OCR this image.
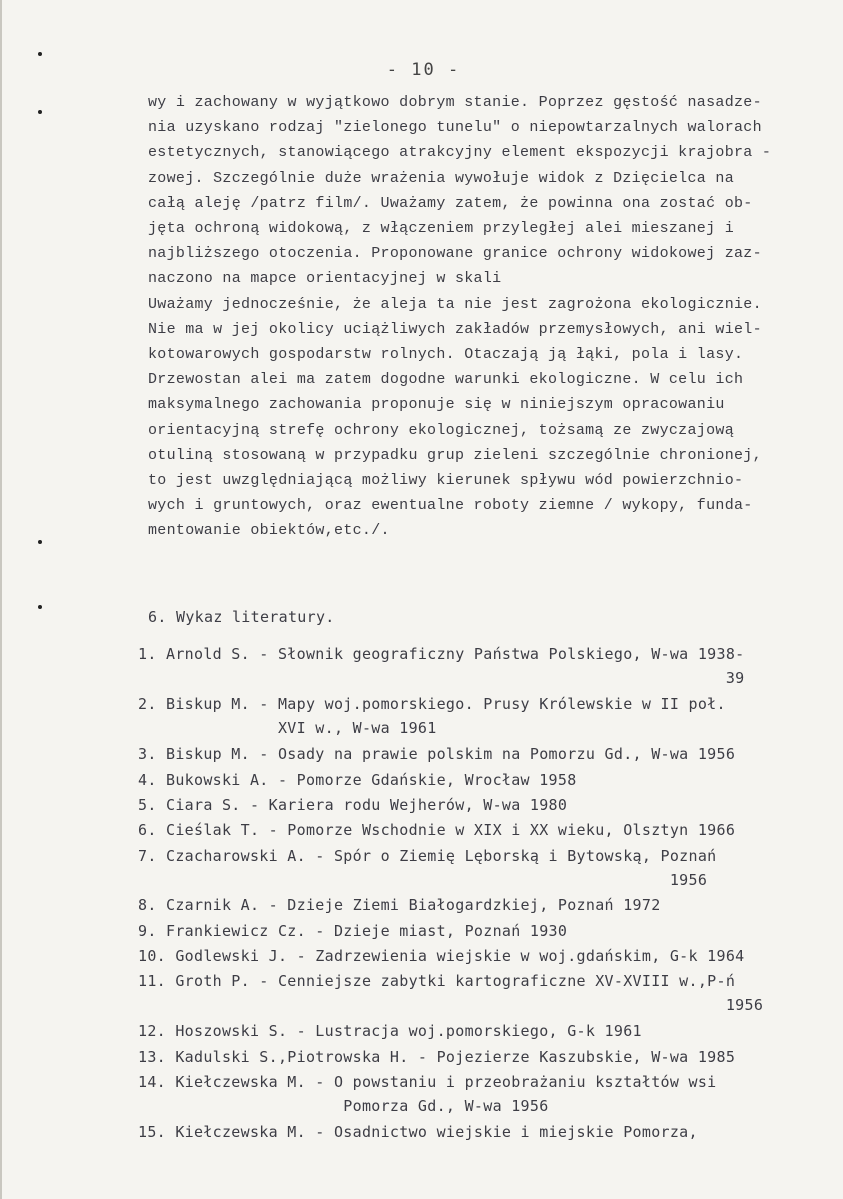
- 10 -
wy i zachowany w wyjątkowo dobrym stanie. Poprzez gęstość nasadze-
nia uzyskano rodzaj "zielonego tunelu" o niepowtarzalnych walorach
estetycznych, stanowiącego atrakcyjny element ekspozycji krajobra -
zowej. Szczególnie duże wrażenia wywołuje widok z Dzięcielca na
całą aleję /patrz film/. Uważamy zatem, że powinna ona zostać ob-
jęta ochroną widokową, z włączeniem przyległej alei mieszanej i
najbliższego otoczenia. Proponowane granice ochrony widokowej zaz-
naczono na mapce orientacyjnej w skali
Uważamy jednocześnie, że aleja ta nie jest zagrożona ekologicznie.
Nie ma w jej okolicy uciążliwych zakładów przemysłowych, ani wiel-
kotowarowych gospodarstw rolnych. Otaczają ją łąki, pola i lasy.
Drzewostan alei ma zatem dogodne warunki ekologiczne. W celu ich
maksymalnego zachowania proponuje się w niniejszym opracowaniu
orientacyjną strefę ochrony ekologicznej, tożsamą ze zwyczajową
otuliną stosowaną w przypadku grup zieleni szczególnie chronionej,
to jest uwzględniającą możliwy kierunek spływu wód powierzchnio-
wych i gruntowych, oraz ewentualne roboty ziemne / wykopy, funda-
mentowanie obiektów,etc./.
6. Wykaz literatury.
1. Arnold S. - Słownik geograficzny Państwa Polskiego, W-wa 1938-
39
2. Biskup M. - Mapy woj.pomorskiego. Prusy Królewskie w II poł.
XVI w., W-wa 1961
3. Biskup M. - Osady na prawie polskim na Pomorzu Gd., W-wa 1956
4. Bukowski A. - Pomorze Gdańskie, Wrocław 1958
5. Ciara S. - Kariera rodu Wejherów, W-wa 1980
6. Cieślak T. - Pomorze Wschodnie w XIX i XX wieku, Olsztyn 1966
7. Czacharowski A. - Spór o Ziemię Lęborską i Bytowską, Poznań
1956
8. Czarnik A. - Dzieje Ziemi Białogardzkiej, Poznań 1972
9. Frankiewicz Cz. - Dzieje miast, Poznań 1930
10. Godlewski J. - Zadrzewienia wiejskie w woj.gdańskim, G-k 1964
11. Groth P. - Cenniejsze zabytki kartograficzne XV-XVIII w.,P-ń
1956
12. Hoszowski S. - Lustracja woj.pomorskiego, G-k 1961
13. Kadulski S.,Piotrowska H. - Pojezierze Kaszubskie, W-wa 1985
14. Kiełczewska M. - O powstaniu i przeobrażaniu kształtów wsi
Pomorza Gd., W-wa 1956
15. Kiełczewska M. - Osadnictwo wiejskie i miejskie Pomorza,
